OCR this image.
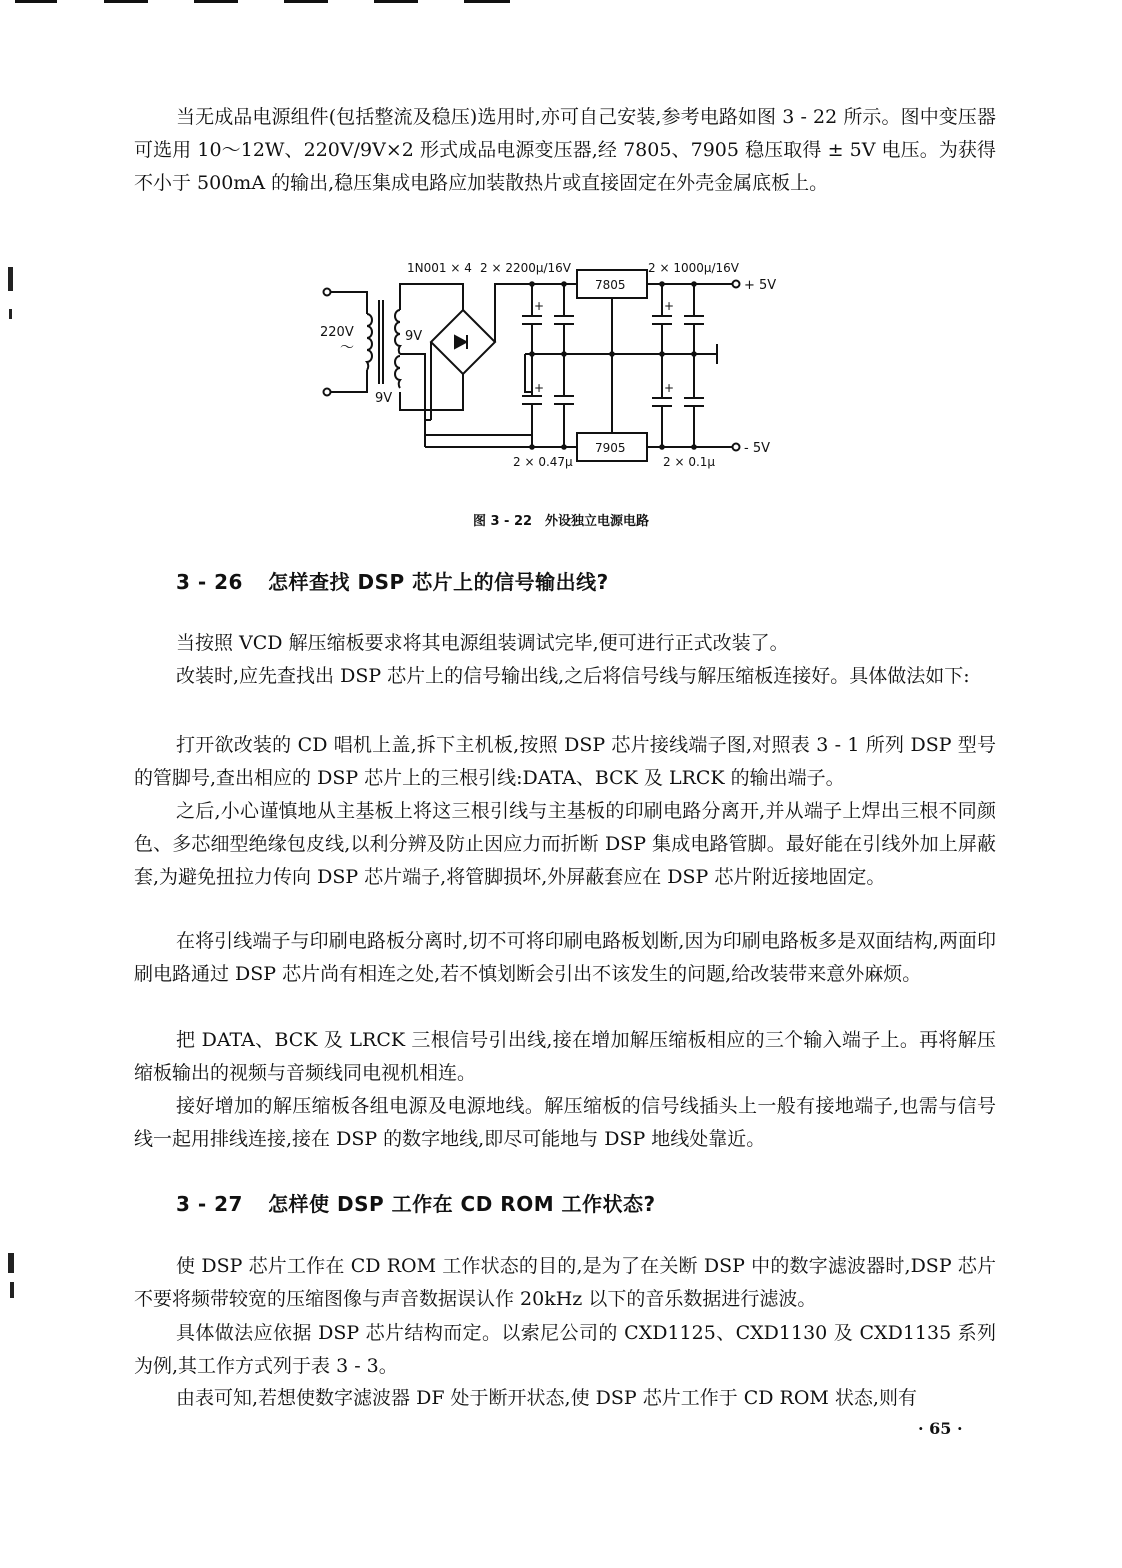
当无成品电源组件(包括整流及稳压)选用时,亦可自己安装,参考电路如图 3 - 22 所示。图中变压器可选用 10～12W、220V/9V×2 形式成品电源变压器,经 7805、7905 稳压取得 ± 5V 电压。为获得不小于 500mA 的输出,稳压集成电路应加装散热片或直接固定在外壳金属底板上。

1N001 × 4 2 × 2200μ/16V	2 × 1000μ/16V
7805
7905
+ 5V
- 5V
220V
～
9V
9V
2 × 0.47μ	2 × 0.1μ
+
+
+
+

图 3 - 22　外设独立电源电路

3 - 26 怎样查找 DSP 芯片上的信号输出线?

当按照 VCD 解压缩板要求将其电源组装调试完毕,便可进行正式改装了。

改装时,应先查找出 DSP 芯片上的信号输出线,之后将信号线与解压缩板连接好。具体做法如下:

打开欲改装的 CD 唱机上盖,拆下主机板,按照 DSP 芯片接线端子图,对照表 3 - 1 所列 DSP 型号的管脚号,查出相应的 DSP 芯片上的三根引线:DATA、BCK 及 LRCK 的输出端子。

之后,小心谨慎地从主基板上将这三根引线与主基板的印刷电路分离开,并从端子上焊出三根不同颜色、多芯细型绝缘包皮线,以利分辨及防止因应力而折断 DSP 集成电路管脚。最好能在引线外加上屏蔽套,为避免扭拉力传向 DSP 芯片端子,将管脚损坏,外屏蔽套应在 DSP 芯片附近接地固定。

在将引线端子与印刷电路板分离时,切不可将印刷电路板划断,因为印刷电路板多是双面结构,两面印刷电路通过 DSP 芯片尚有相连之处,若不慎划断会引出不该发生的问题,给改装带来意外麻烦。

把 DATA、BCK 及 LRCK 三根信号引出线,接在增加解压缩板相应的三个输入端子上。再将解压缩板输出的视频与音频线同电视机相连。

接好增加的解压缩板各组电源及电源地线。解压缩板的信号线插头上一般有接地端子,也需与信号线一起用排线连接,接在 DSP 的数字地线,即尽可能地与 DSP 地线处靠近。

3 - 27 怎样使 DSP 工作在 CD ROM 工作状态?

使 DSP 芯片工作在 CD ROM 工作状态的目的,是为了在关断 DSP 中的数字滤波器时,DSP 芯片不要将频带较宽的压缩图像与声音数据误认作 20kHz 以下的音乐数据进行滤波。

具体做法应依据 DSP 芯片结构而定。以索尼公司的 CXD1125、CXD1130 及 CXD1135 系列为例,其工作方式列于表 3 - 3。

由表可知,若想使数字滤波器 DF 处于断开状态,使 DSP 芯片工作于 CD ROM 状态,则有

· 65 ·
